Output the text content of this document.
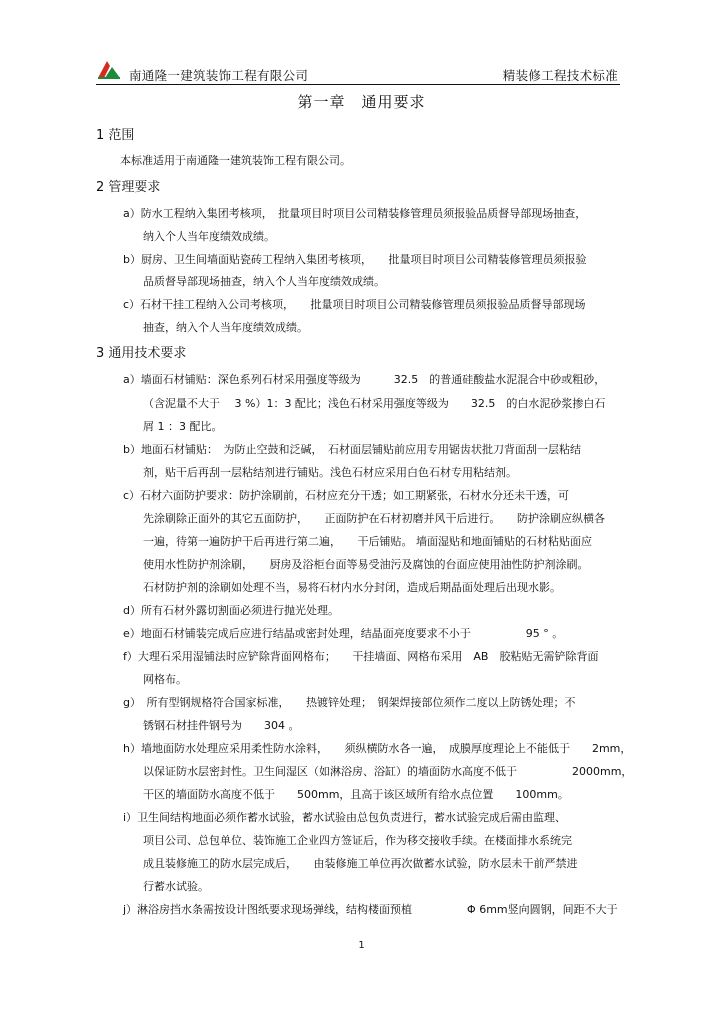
南通隆一建筑装饰工程有限公司	精装修工程技术标准
第一章　通用要求
1 范围
本标准适用于南通隆一建筑装饰工程有限公司。
2 管理要求
a）防水工程纳入集团考核项，　批量项目时项目公司精装修管理员须报验品质督导部现场抽查，
纳入个人当年度绩效成绩。
b）厨房、卫生间墙面贴瓷砖工程纳入集团考核项，　　批量项目时项目公司精装修管理员须报验
品质督导部现场抽查，纳入个人当年度绩效成绩。
c）石材干挂工程纳入公司考核项，　　批量项目时项目公司精装修管理员须报验品质督导部现场
抽查，纳入个人当年度绩效成绩。
3 通用技术要求
a）墙面石材铺贴：深色系列石材采用强度等级为　　　32.5　的普通硅酸盐水泥混合中砂或粗砂，
（含泥量不大于　 3 %）1：3 配比；浅色石材采用强度等级为　　32.5　的白水泥砂浆掺白石
屑 1 ：3 配比。
b）地面石材铺贴：　为防止空鼓和泛碱，　石材面层铺贴前应用专用锯齿状批刀背面刮一层粘结
剂，贴干后再刮一层粘结剂进行铺贴。浅色石材应采用白色石材专用粘结剂。
c）石材六面防护要求：防护涂刷前，石材应充分干透；如工期紧张，石材水分还未干透，可
先涂刷除正面外的其它五面防护，　　正面防护在石材初磨并风干后进行。　　防护涂刷应纵横各
一遍，待第一遍防护干后再进行第二遍，　　干后铺贴。 墙面湿贴和地面铺贴的石材粘贴面应
使用水性防护剂涂刷，　　厨房及浴柜台面等易受油污及腐蚀的台面应使用油性防护剂涂刷。
石材防护剂的涂刷如处理不当，易将石材内水分封闭，造成后期晶面处理后出现水影。
d）所有石材外露切割面必须进行抛光处理。
e）地面石材铺装完成后应进行结晶或密封处理，结晶面亮度要求不小于　　　　　95 ° 。
f）大理石采用湿铺法时应铲除背面网格布；　　干挂墙面、网格布采用　AB　胶粘贴无需铲除背面
网格布。
g）　所有型钢规格符合国家标准，　　热镀锌处理；　钢架焊接部位须作二度以上防锈处理；不
锈钢石材挂件钢号为　　304 。
h）墙地面防水处理应采用柔性防水涂料，　　须纵横防水各一遍，　成膜厚度理论上不能低于　　2mm，
以保证防水层密封性。卫生间湿区（如淋浴房、浴缸）的墙面防水高度不低于　　　　　2000mm，
干区的墙面防水高度不低于　　500mm，且高于该区域所有给水点位置　　100mm。
i）卫生间结构地面必须作蓄水试验，蓄水试验由总包负责进行，蓄水试验完成后需由监理、
项目公司、总包单位、装饰施工企业四方签证后，作为移交接收手续。在楼面排水系统完
成且装修施工的防水层完成后，　　由装修施工单位再次做蓄水试验，防水层未干前严禁进
行蓄水试验。
j）淋浴房挡水条需按设计图纸要求现场弹线，结构楼面预植　　　　　Φ 6mm竖向圆钢，间距不大于
1
